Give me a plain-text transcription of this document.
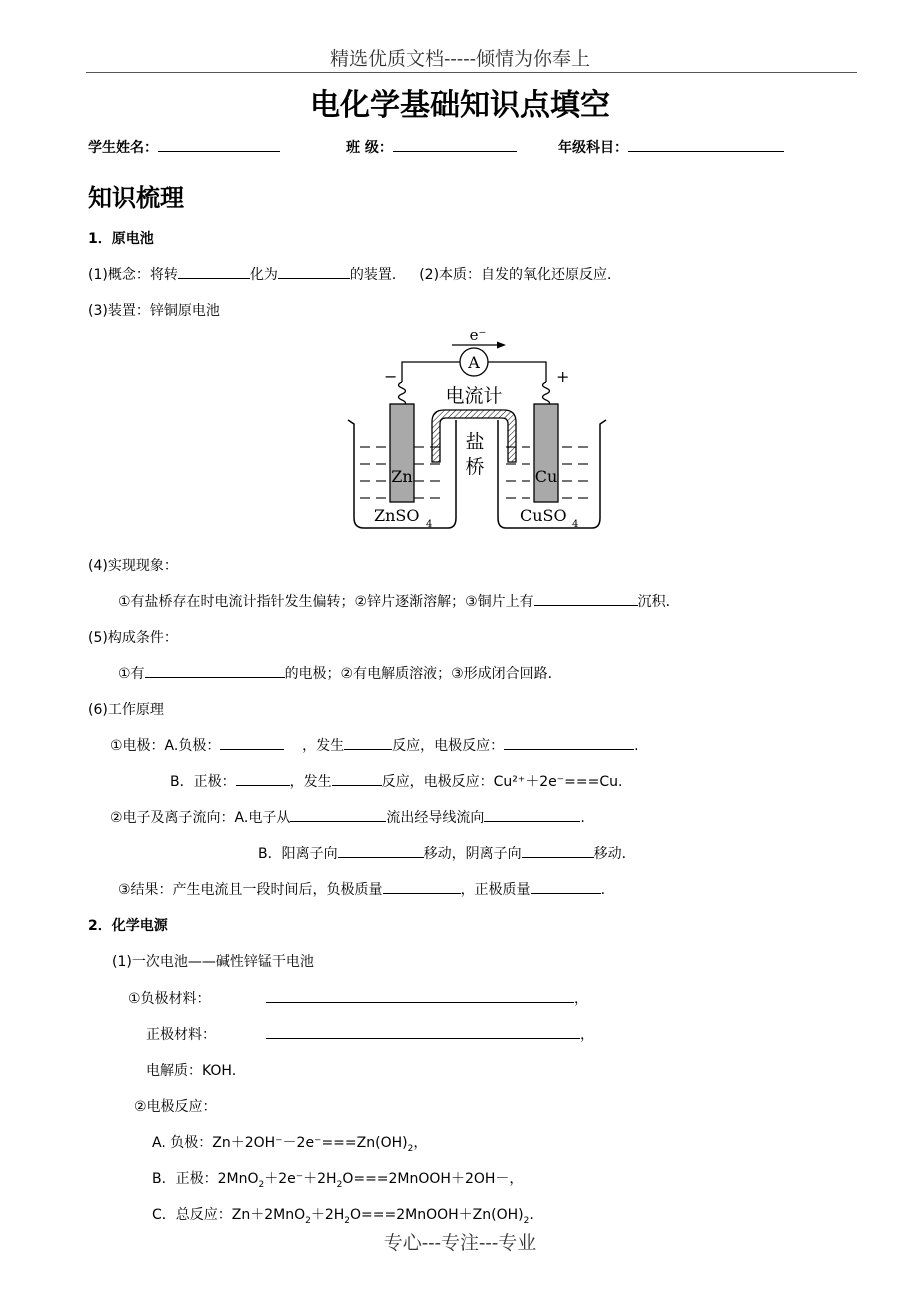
精选优质文档-----倾情为你奉上
电化学基础知识点填空
学生姓名：	班 级：	年级科目：
知识梳理
1．原电池
(1)概念：将转	化为	的装置． (2)本质：自发的氧化还原反应．
(3)装置：锌铜原电池
e⁻
A
−	+
电流计
Zn	Cu
盐
桥
ZnSO 4	CuSO 4
(4)实现现象：
①有盐桥存在时电流计指针发生偏转；②锌片逐渐溶解；③铜片上有	沉积．
(5)构成条件：
①有	的电极；②有电解质溶液；③形成闭合回路．
(6)工作原理
①电极：A.负极：	，发生	反应，电极反应：	.
B．正极：	，发生	反应，电极反应：Cu²⁺＋2e⁻===Cu.
②电子及离子流向：A.电子从	流出经导线流向	.
B．阳离子向	移动，阴离子向	移动．
③结果：产生电流且一段时间后，负极质量	，正极质量	.
2．化学电源
(1)一次电池——碱性锌锰干电池
①负极材料：	，
正极材料：	，
电解质：KOH.
②电极反应：
A. 负极：$Zn+2OH^--2e^-===Zn(OH)_2$，
B．正极：$2MnO_2+2e^-+2H_2O===2MnOOH+2OH-$，
C．总反应：$Zn+2MnO_2+2H_2O===2MnOOH+Zn(OH)_2$.
专心---专注---专业
